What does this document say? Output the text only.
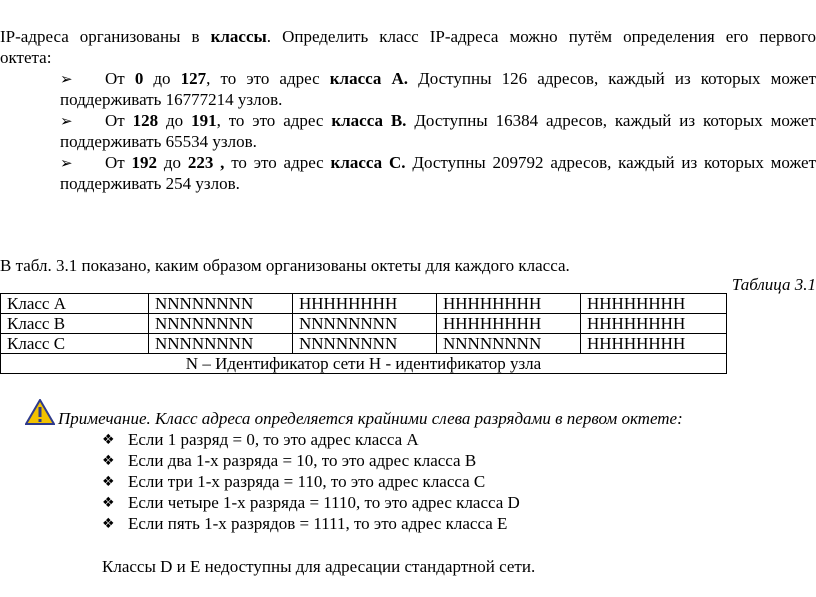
IP-адреса организованы в классы. Определить класс IP-адреса можно путём определения его первого
октета:
➢ От 0 до 127, то это адрес класса А. Доступны 126 адресов, каждый из которых может
поддерживать 16777214 узлов.
➢ От 128 до 191, то это адрес класса В. Доступны 16384 адресов, каждый из которых может
поддерживать 65534 узлов.
➢ От 192 до 223 , то это адрес класса С. Доступны 209792 адресов, каждый из которых может
поддерживать 254 узлов.
В табл. 3.1 показано, каким образом организованы октеты для каждого класса.
Таблица 3.1
Класс А	NNNNNNNN	HHHHHHHH	HHHHHHHH	HHHHHHHH
Класс В	NNNNNNNN	NNNNNNNN	HHHHHHHH	HHHHHHHH
Класс С	NNNNNNNN	NNNNNNNN	NNNNNNNN	HHHHHHHH
N – Идентификатор сети H - идентификатор узла				
Примечание. Класс адреса определяется крайними слева разрядами в первом октете:
❖ Если 1 разряд = 0, то это адрес класса А
❖ Если два 1-х разряда = 10, то это адрес класса В
❖ Если три 1-х разряда = 110, то это адрес класса С
❖ Если четыре 1-х разряда = 1110, то это адрес класса D
❖ Если пять 1-х разрядов = 1111, то это адрес класса Е
Классы D и E недоступны для адресации стандартной сети.
